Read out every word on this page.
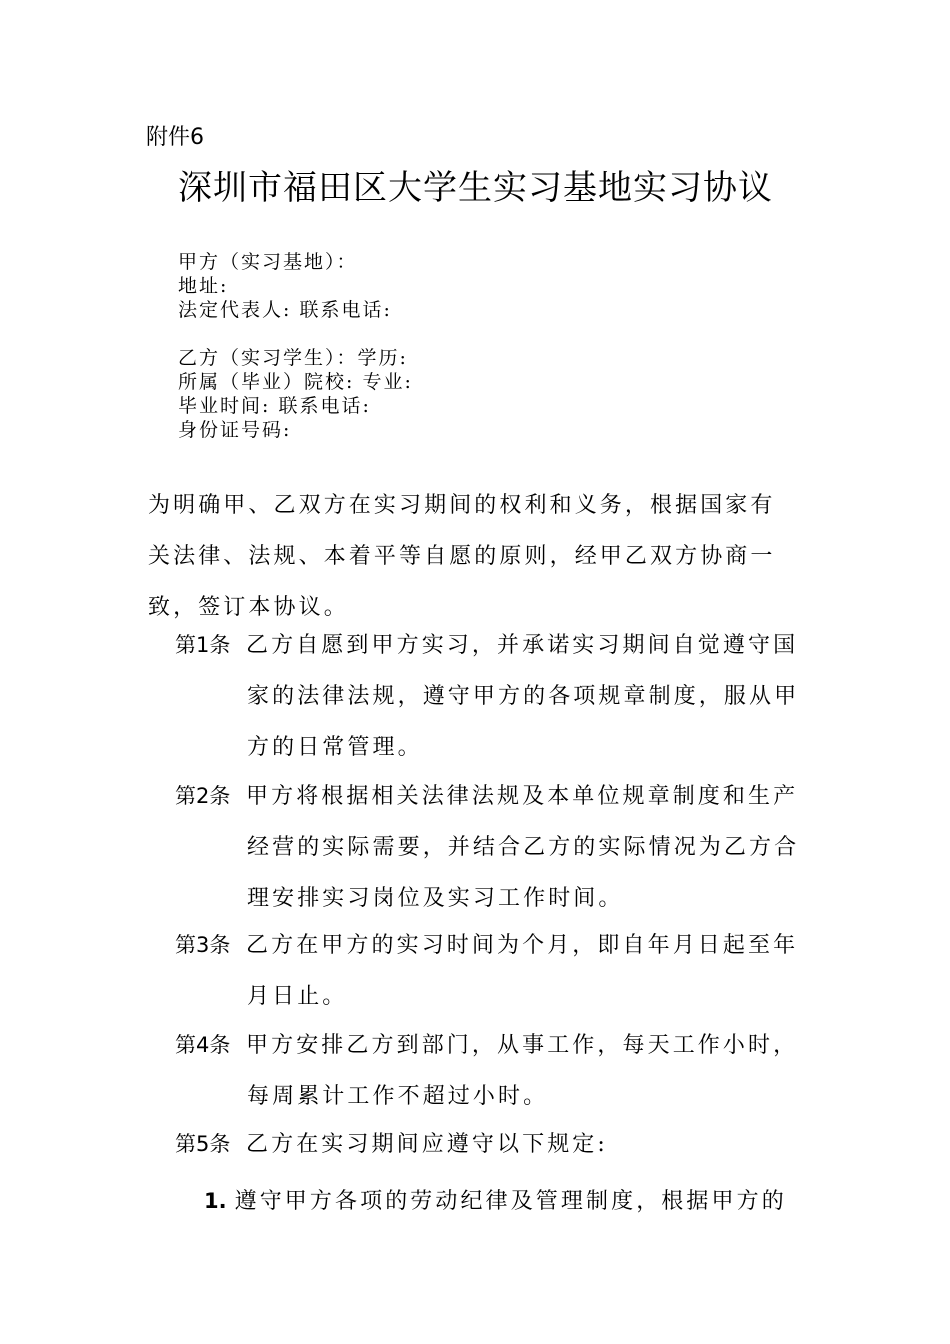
附件6
深圳市福田区大学生实习基地实习协议
甲方（实习基地）：
地址:
法定代表人: 联系电话:
乙方（实习学生）：学历:
所属（毕业）院校: 专业:
毕业时间: 联系电话:
身份证号码:
为明确甲、乙双方在实习期间的权利和义务，根据国家有
关法律、法规、本着平等自愿的原则，经甲乙双方协商一
致，签订本协议。
第1条 乙方自愿到甲方实习，并承诺实习期间自觉遵守国
家的法律法规，遵守甲方的各项规章制度，服从甲
方的日常管理。
第2条 甲方将根据相关法律法规及本单位规章制度和生产
经营的实际需要，并结合乙方的实际情况为乙方合
理安排实习岗位及实习工作时间。
第3条 乙方在甲方的实习时间为个月，即自年月日起至年
月日止。
第4条 甲方安排乙方到部门，从事工作，每天工作小时，
每周累计工作不超过小时。
第5条 乙方在实习期间应遵守以下规定:
1. 遵守甲方各项的劳动纪律及管理制度，根据甲方的
